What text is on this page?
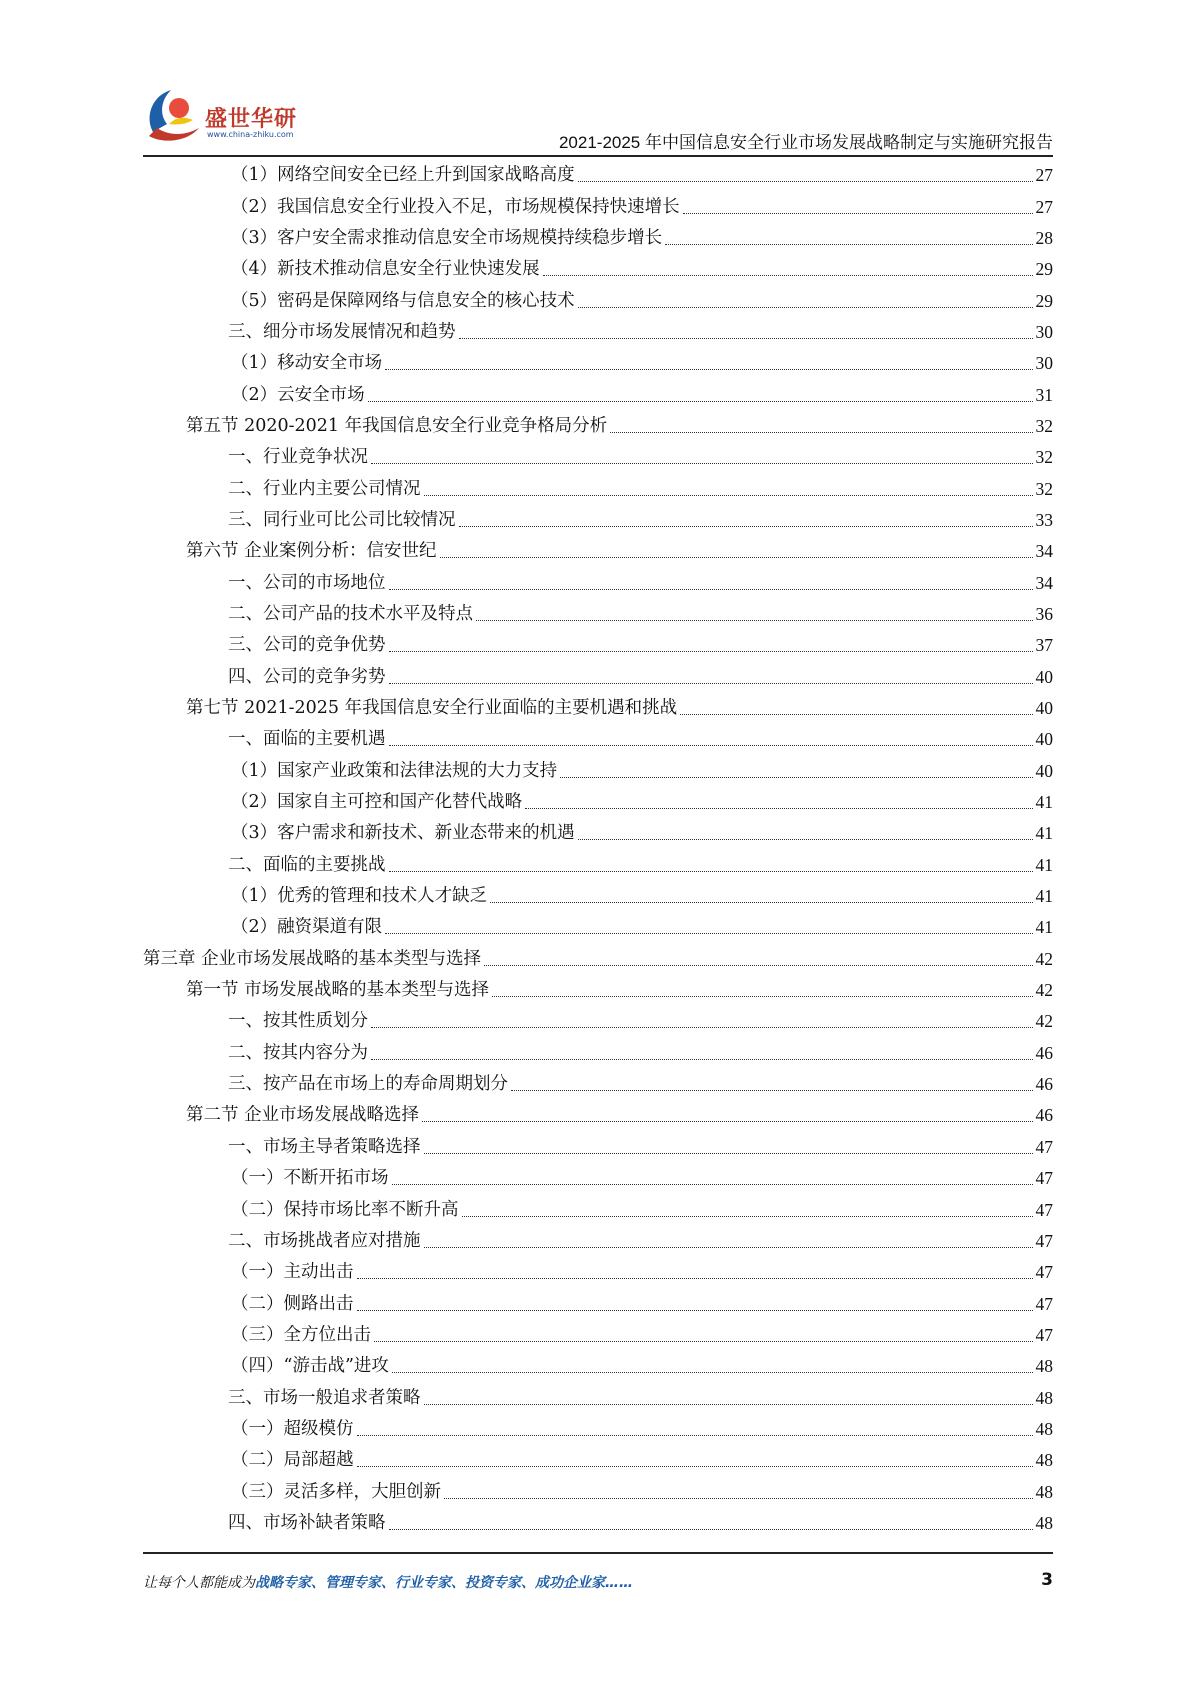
盛世华研
www.china-zhiku.com	2021-2025 年中国信息安全行业市场发展战略制定与实施研究报告
（1）网络空间安全已经上升到国家战略高度	27
（2）我国信息安全行业投入不足，市场规模保持快速增长	27
（3）客户安全需求推动信息安全市场规模持续稳步增长	28
（4）新技术推动信息安全行业快速发展	29
（5）密码是保障网络与信息安全的核心技术	29
三、细分市场发展情况和趋势	30
（1）移动安全市场	30
（2）云安全市场	31
第五节 2020-2021 年我国信息安全行业竞争格局分析	32
一、行业竞争状况	32
二、行业内主要公司情况	32
三、同行业可比公司比较情况	33
第六节 企业案例分析：信安世纪	34
一、公司的市场地位	34
二、公司产品的技术水平及特点	36
三、公司的竞争优势	37
四、公司的竞争劣势	40
第七节 2021-2025 年我国信息安全行业面临的主要机遇和挑战	40
一、面临的主要机遇	40
（1）国家产业政策和法律法规的大力支持	40
（2）国家自主可控和国产化替代战略	41
（3）客户需求和新技术、新业态带来的机遇	41
二、面临的主要挑战	41
（1）优秀的管理和技术人才缺乏	41
（2）融资渠道有限	41
第三章 企业市场发展战略的基本类型与选择	42
第一节 市场发展战略的基本类型与选择	42
一、按其性质划分	42
二、按其内容分为	46
三、按产品在市场上的寿命周期划分	46
第二节 企业市场发展战略选择	46
一、市场主导者策略选择	47
（一）不断开拓市场	47
（二）保持市场比率不断升高	47
二、市场挑战者应对措施	47
（一）主动出击	47
（二）侧路出击	47
（三）全方位出击	47
（四）“游击战”进攻	48
三、市场一般追求者策略	48
（一）超级模仿	48
（二）局部超越	48
（三）灵活多样，大胆创新	48
四、市场补缺者策略	48
让每个人都能成为战略专家、管理专家、行业专家、投资专家、成功企业家……	3
